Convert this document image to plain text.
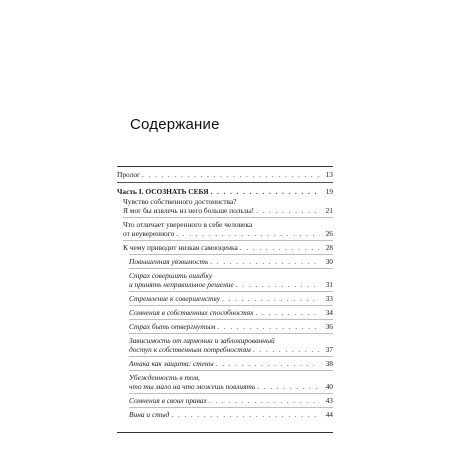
Содержание
Пролог . . .	13
Часть I. ОСОЗНАТЬ СЕБЯ . . .	19
Чувство собственного достоинства?
Я мог бы извлечь из него больше пользы! . . .	21
Что отличает уверенного в себе человека
от неуверенного . . .	26
К чему приводит низкая самооценка . . .	28
Повышенная уязвимость . . .	30
Страх совершить ошибку
и принять неправильное решение . . .	31
Стремление к совершенству . . .	33
Сомнения в собственных способностях . . .	34
Страх быть отвергнутым . . .	36
Зависимость от гармонии и заблокированный
доступ к собственным потребностям . . .	37
Атака как защита: стены . . .	38
Убежденность в том,
что ты мало на что можешь повлиять . . .	40
Сомнения в своих правах . . .	43
Вина и стыд . . .	44
